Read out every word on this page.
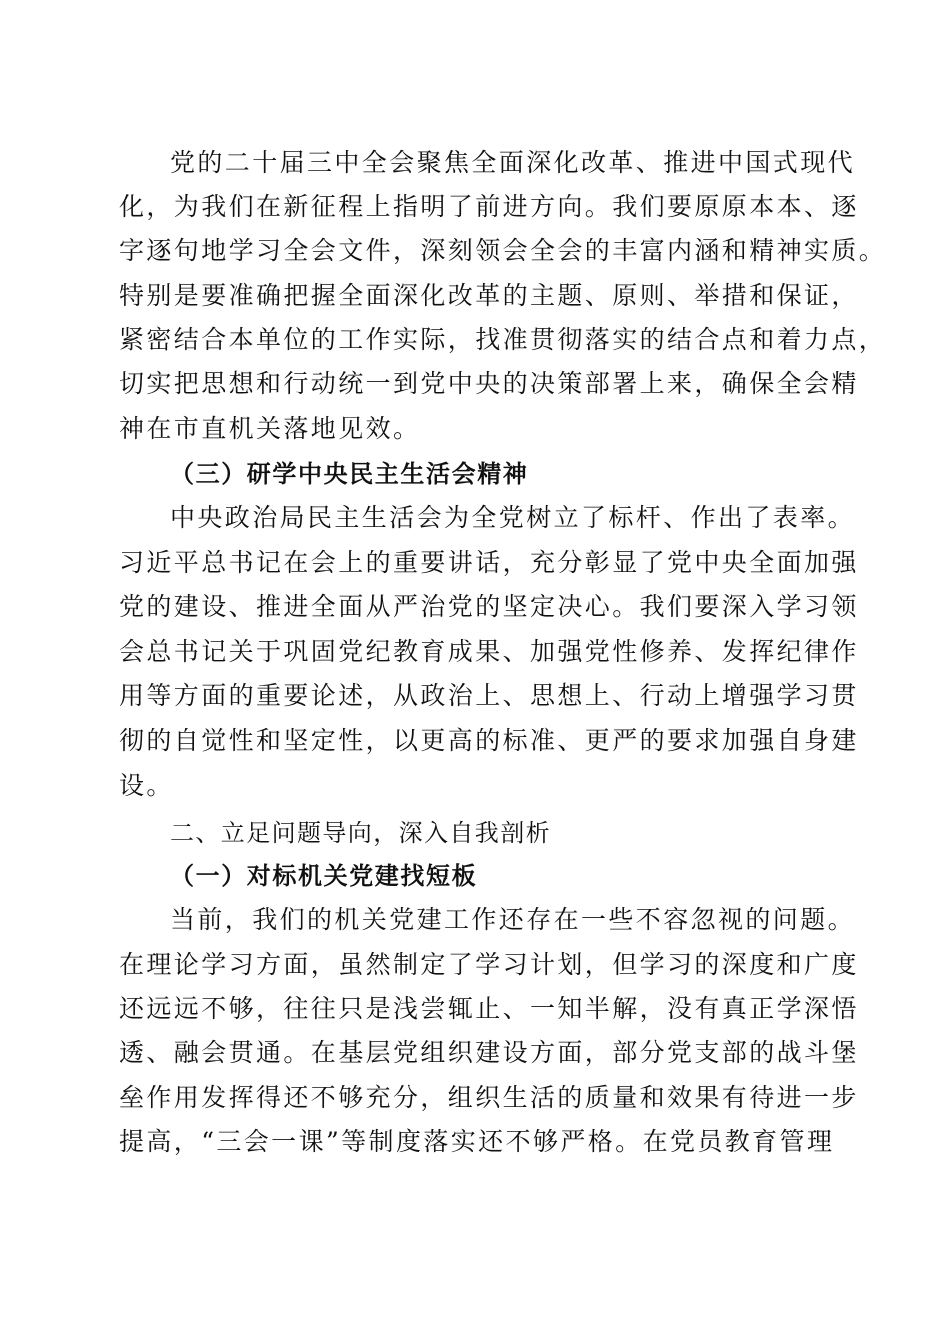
党的二十届三中全会聚焦全面深化改革、推进中国式现代
化，为我们在新征程上指明了前进方向。我们要原原本本、逐
字逐句地学习全会文件，深刻领会全会的丰富内涵和精神实质。
特别是要准确把握全面深化改革的主题、原则、举措和保证，
紧密结合本单位的工作实际，找准贯彻落实的结合点和着力点，
切实把思想和行动统一到党中央的决策部署上来，确保全会精
神在市直机关落地见效。
（三）研学中央民主生活会精神
中央政治局民主生活会为全党树立了标杆、作出了表率。
习近平总书记在会上的重要讲话，充分彰显了党中央全面加强
党的建设、推进全面从严治党的坚定决心。我们要深入学习领
会总书记关于巩固党纪教育成果、加强党性修养、发挥纪律作
用等方面的重要论述，从政治上、思想上、行动上增强学习贯
彻的自觉性和坚定性，以更高的标准、更严的要求加强自身建
设。
二、立足问题导向，深入自我剖析
（一）对标机关党建找短板
当前，我们的机关党建工作还存在一些不容忽视的问题。
在理论学习方面，虽然制定了学习计划，但学习的深度和广度
还远远不够，往往只是浅尝辄止、一知半解，没有真正学深悟
透、融会贯通。在基层党组织建设方面，部分党支部的战斗堡
垒作用发挥得还不够充分，组织生活的质量和效果有待进一步
提高，“三会一课”等制度落实还不够严格。在党员教育管理
